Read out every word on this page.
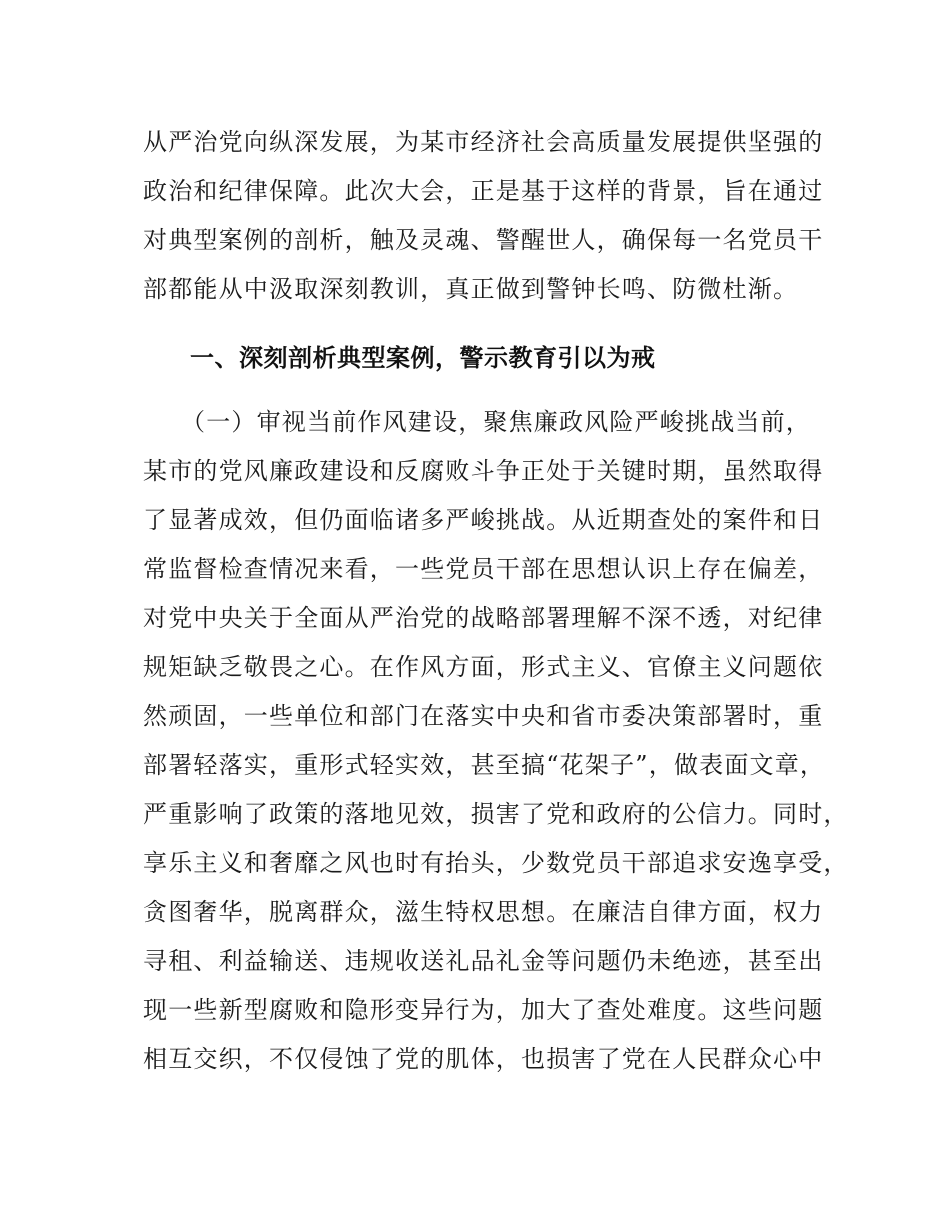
从严治党向纵深发展，为某市经济社会高质量发展提供坚强的
政治和纪律保障。此次大会，正是基于这样的背景，旨在通过
对典型案例的剖析，触及灵魂、警醒世人，确保每一名党员干
部都能从中汲取深刻教训，真正做到警钟长鸣、防微杜渐。
一、深刻剖析典型案例，警示教育引以为戒
（一）审视当前作风建设，聚焦廉政风险严峻挑战当前，
某市的党风廉政建设和反腐败斗争正处于关键时期，虽然取得
了显著成效，但仍面临诸多严峻挑战。从近期查处的案件和日
常监督检查情况来看，一些党员干部在思想认识上存在偏差，
对党中央关于全面从严治党的战略部署理解不深不透，对纪律
规矩缺乏敬畏之心。在作风方面，形式主义、官僚主义问题依
然顽固，一些单位和部门在落实中央和省市委决策部署时，重
部署轻落实，重形式轻实效，甚至搞“花架子”，做表面文章，
严重影响了政策的落地见效，损害了党和政府的公信力。同时，
享乐主义和奢靡之风也时有抬头，少数党员干部追求安逸享受，
贪图奢华，脱离群众，滋生特权思想。在廉洁自律方面，权力
寻租、利益输送、违规收送礼品礼金等问题仍未绝迹，甚至出
现一些新型腐败和隐形变异行为，加大了查处难度。这些问题
相互交织，不仅侵蚀了党的肌体，也损害了党在人民群众心中
